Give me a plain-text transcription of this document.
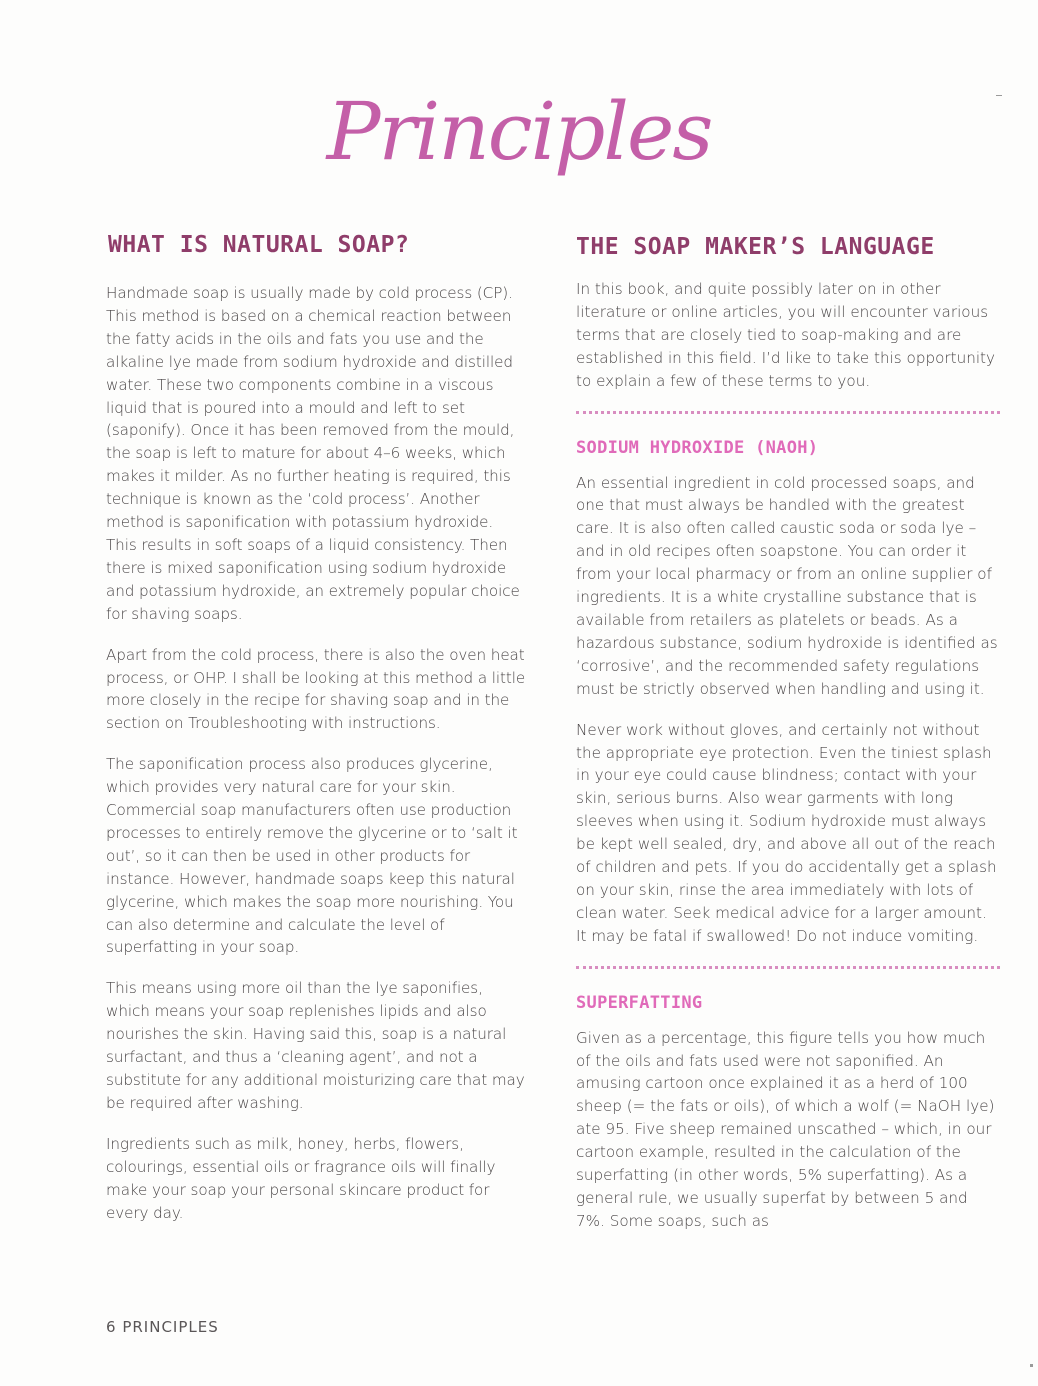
Principles
WHAT IS NATURAL SOAP?

Handmade soap is usually made by cold process (CP). This method is based on a chemical reaction between the fatty acids in the oils and fats you use and the alkaline lye made from sodium hydroxide and distilled water. These two components combine in a viscous liquid that is poured into a mould and left to set (saponify). Once it has been removed from the mould, the soap is left to mature for about 4–6 weeks, which makes it milder. As no further heating is required, this technique is known as the ‘cold process’. Another method is saponification with potassium hydroxide. This results in soft soaps of a liquid consistency. Then there is mixed saponification using sodium hydroxide and potassium hydroxide, an extremely popular choice for shaving soaps.

Apart from the cold process, there is also the oven heat process, or OHP. I shall be looking at this method a little more closely in the recipe for shaving soap and in the section on Troubleshooting with instructions.

The saponification process also produces glycerine, which provides very natural care for your skin. Commercial soap manufacturers often use production processes to entirely remove the glycerine or to ‘salt it out’, so it can then be used in other products for instance. However, handmade soaps keep this natural glycerine, which makes the soap more nourishing. You can also determine and calculate the level of superfatting in your soap.

This means using more oil than the lye saponifies, which means your soap replenishes lipids and also nourishes the skin. Having said this, soap is a natural surfactant, and thus a ‘cleaning agent’, and not a substitute for any additional moisturizing care that may be required after washing.

Ingredients such as milk, honey, herbs, flowers, colourings, essential oils or fragrance oils will finally make your soap your personal skincare product for every day.

THE SOAP MAKER’S LANGUAGE

In this book, and quite possibly later on in other literature or online articles, you will encounter various terms that are closely tied to soap-making and are established in this field. I’d like to take this opportunity to explain a few of these terms to you.

SODIUM HYDROXIDE (NAOH)

An essential ingredient in cold processed soaps, and one that must always be handled with the greatest care. It is also often called caustic soda or soda lye – and in old recipes often soapstone. You can order it from your local pharmacy or from an online supplier of ingredients. It is a white crystalline substance that is available from retailers as platelets or beads. As a hazardous substance, sodium hydroxide is identified as ‘corrosive’, and the recommended safety regulations must be strictly observed when handling and using it.

Never work without gloves, and certainly not without the appropriate eye protection. Even the tiniest splash in your eye could cause blindness; contact with your skin, serious burns. Also wear garments with long sleeves when using it. Sodium hydroxide must always be kept well sealed, dry, and above all out of the reach of children and pets. If you do accidentally get a splash on your skin, rinse the area immediately with lots of clean water. Seek medical advice for a larger amount. It may be fatal if swallowed! Do not induce vomiting.

SUPERFATTING

Given as a percentage, this figure tells you how much of the oils and fats used were not saponified. An amusing cartoon once explained it as a herd of 100 sheep (= the fats or oils), of which a wolf (= NaOH lye) ate 95. Five sheep remained unscathed – which, in our cartoon example, resulted in the calculation of the superfatting (in other words, 5% superfatting). As a general rule, we usually superfat by between 5 and 7%. Some soaps, such as

6 PRINCIPLES
